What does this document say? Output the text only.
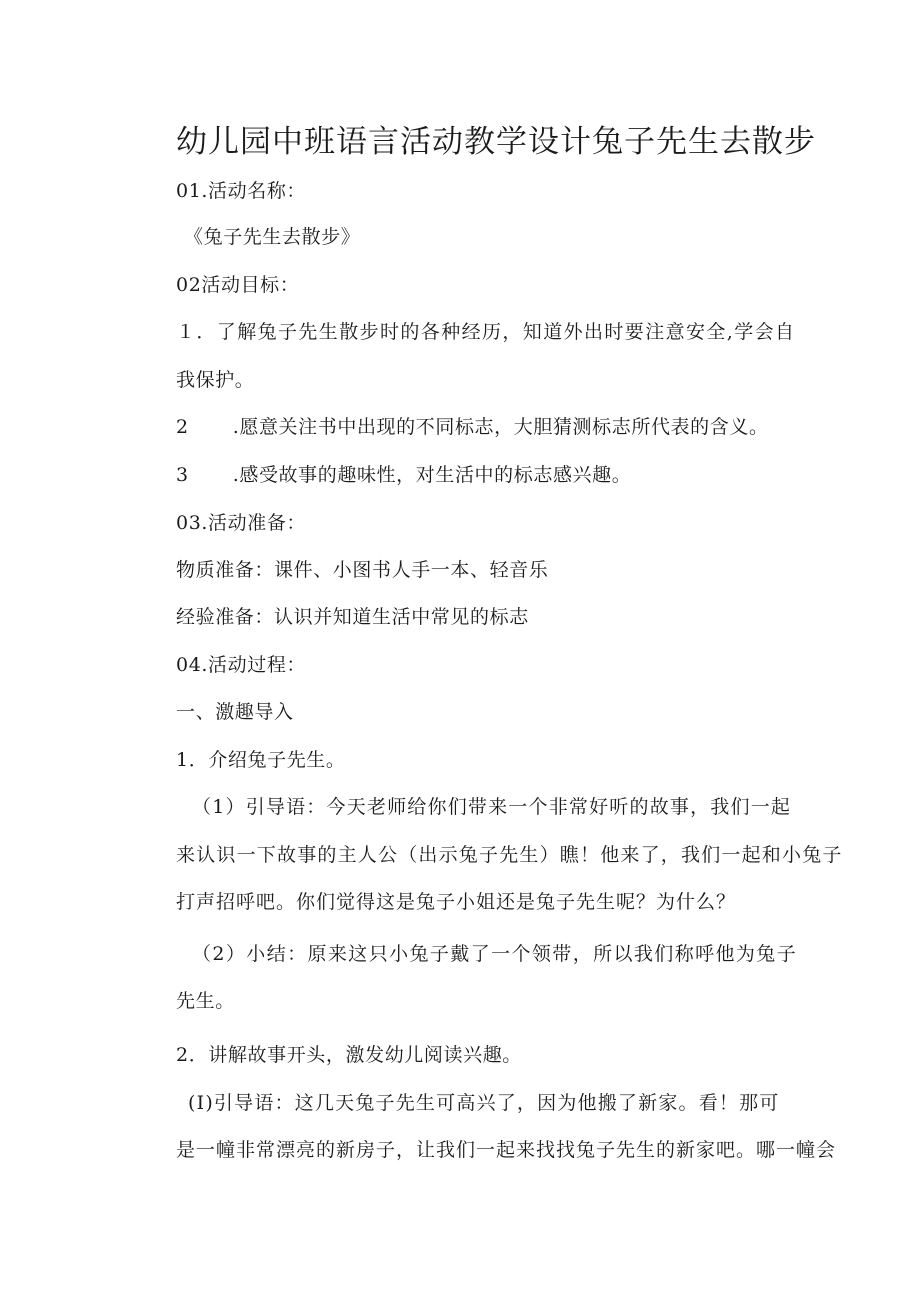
幼儿园中班语言活动教学设计兔子先生去散步
01.活动名称：
《兔子先生去散步》
02活动目标：
１．了解兔子先生散步时的各种经历，知道外出时要注意安全,学会自
我保护。
2 .愿意关注书中出现的不同标志，大胆猜测标志所代表的含义。
3 .感受故事的趣味性，对生活中的标志感兴趣。
03.活动准备：
物质准备：课件、小图书人手一本、轻音乐
经验准备：认识并知道生活中常见的标志
04.活动过程：
一、激趣导入
1．介绍兔子先生。
（1）引导语：今天老师给你们带来一个非常好听的故事，我们一起
来认识一下故事的主人公（出示兔子先生）瞧！他来了，我们一起和小兔子
打声招呼吧。你们觉得这是兔子小姐还是兔子先生呢？为什么？
（2）小结：原来这只小兔子戴了一个领带，所以我们称呼他为兔子
先生。
2．讲解故事开头，激发幼儿阅读兴趣。
(I)引导语：这几天兔子先生可高兴了，因为他搬了新家。看！那可
是一幢非常漂亮的新房子，让我们一起来找找兔子先生的新家吧。哪一幢会
